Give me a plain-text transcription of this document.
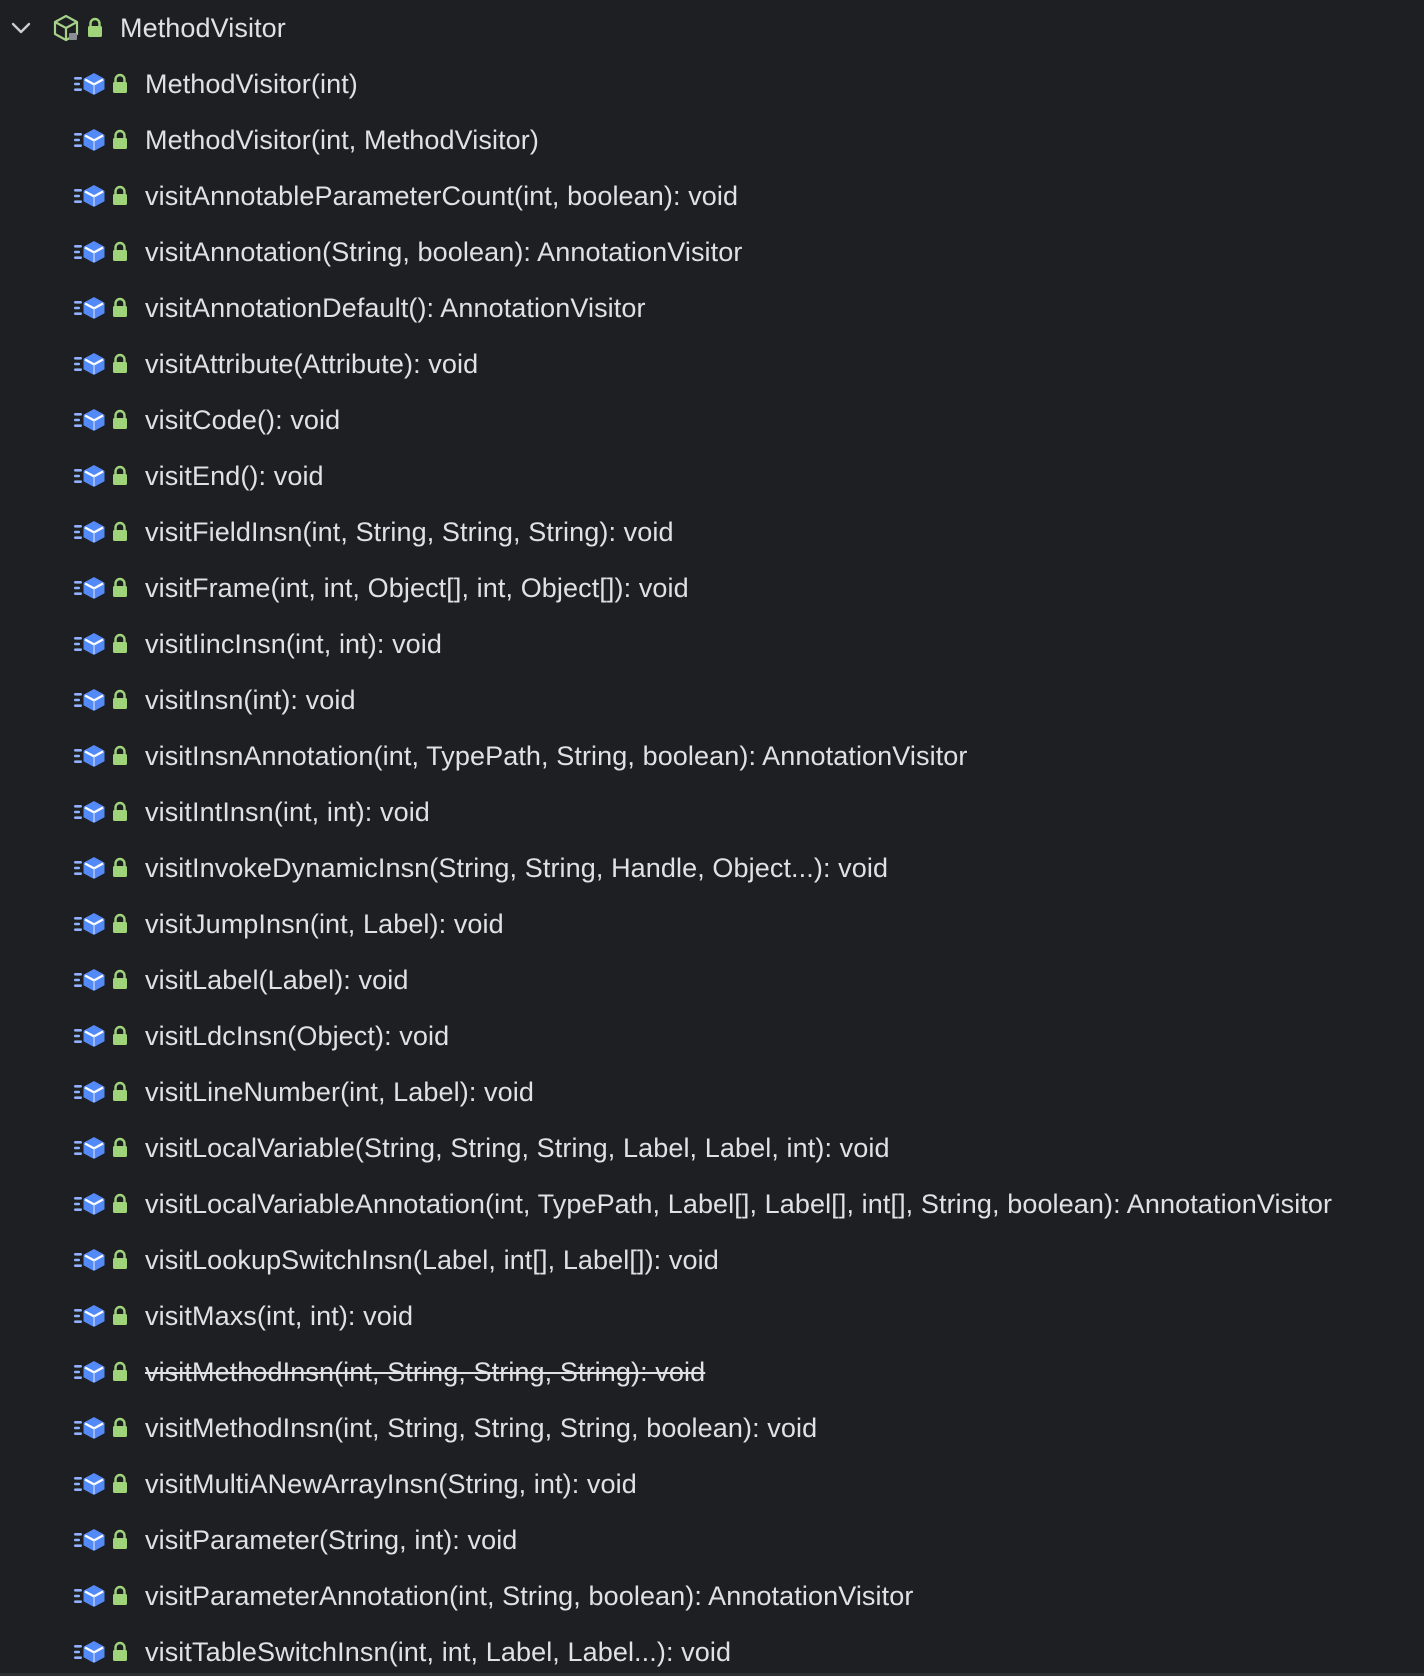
MethodVisitor
MethodVisitor(int)
MethodVisitor(int, MethodVisitor)
visitAnnotableParameterCount(int, boolean): void
visitAnnotation(String, boolean): AnnotationVisitor
visitAnnotationDefault(): AnnotationVisitor
visitAttribute(Attribute): void
visitCode(): void
visitEnd(): void
visitFieldInsn(int, String, String, String): void
visitFrame(int, int, Object[], int, Object[]): void
visitIincInsn(int, int): void
visitInsn(int): void
visitInsnAnnotation(int, TypePath, String, boolean): AnnotationVisitor
visitIntInsn(int, int): void
visitInvokeDynamicInsn(String, String, Handle, Object...): void
visitJumpInsn(int, Label): void
visitLabel(Label): void
visitLdcInsn(Object): void
visitLineNumber(int, Label): void
visitLocalVariable(String, String, String, Label, Label, int): void
visitLocalVariableAnnotation(int, TypePath, Label[], Label[], int[], String, boolean): AnnotationVisitor
visitLookupSwitchInsn(Label, int[], Label[]): void
visitMaxs(int, int): void
visitMethodInsn(int, String, String, String): void
visitMethodInsn(int, String, String, String, boolean): void
visitMultiANewArrayInsn(String, int): void
visitParameter(String, int): void
visitParameterAnnotation(int, String, boolean): AnnotationVisitor
visitTableSwitchInsn(int, int, Label, Label...): void
